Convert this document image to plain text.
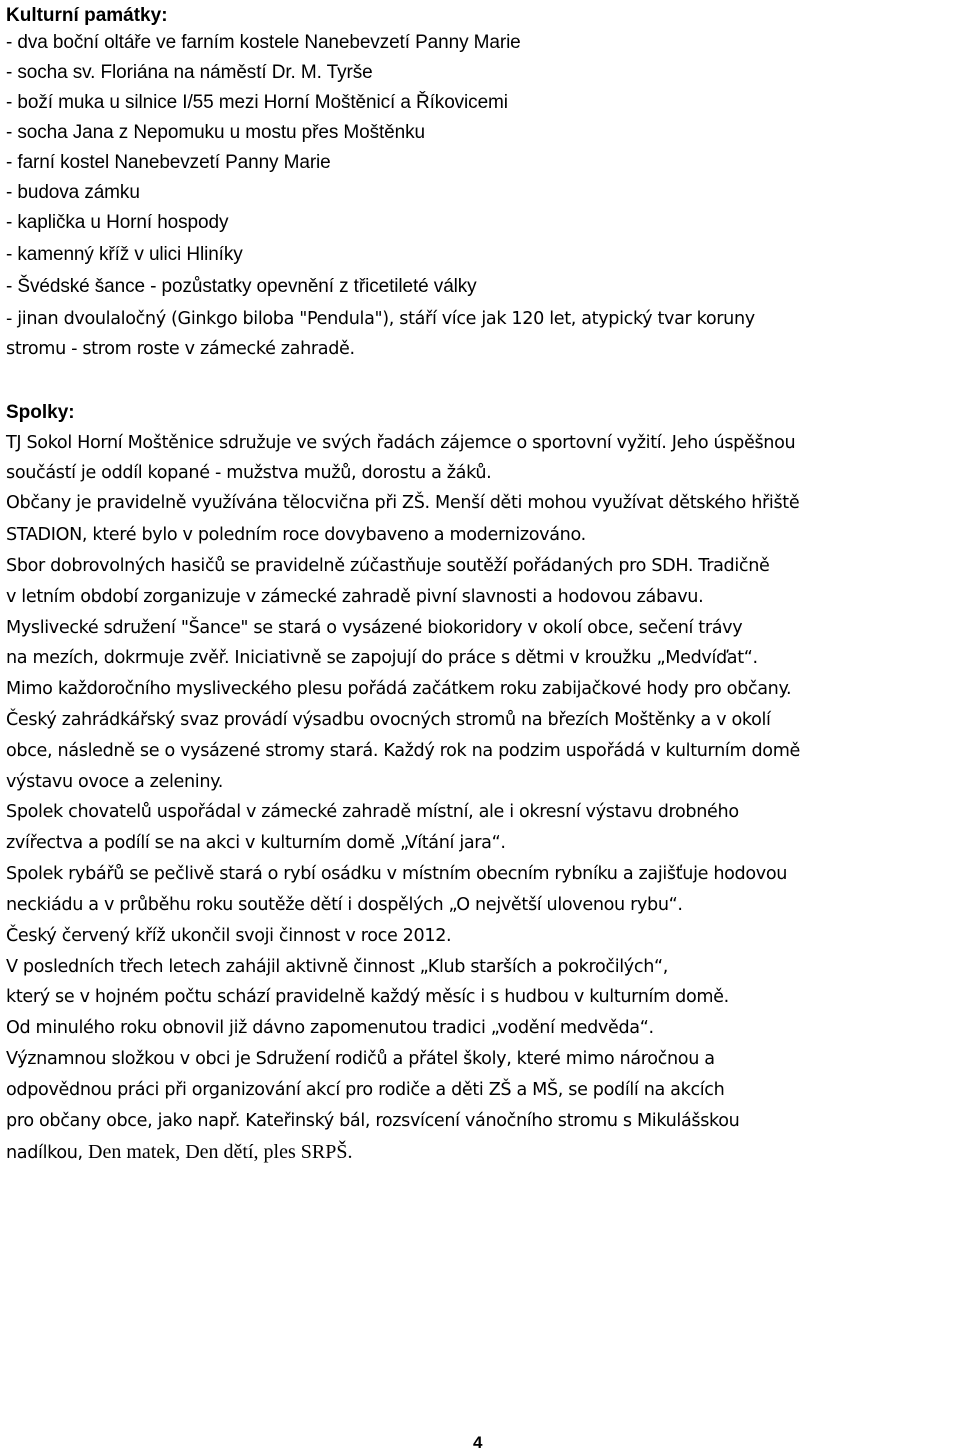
Kulturní památky:
- dva boční oltáře ve farním kostele Nanebevzetí Panny Marie
- socha sv. Floriána na náměstí Dr. M. Tyrše
- boží muka u silnice I/55 mezi Horní Moštěnicí a Říkovicemi
- socha Jana z Nepomuku u mostu přes Moštěnku
- farní kostel Nanebevzetí Panny Marie
- budova zámku
- kaplička u Horní hospody
- kamenný kříž v ulici Hliníky
- Švédské šance - pozůstatky opevnění z třicetileté války
- jinan dvoulaločný (Ginkgo biloba "Pendula"), stáří více jak 120 let, atypický tvar koruny
stromu - strom roste v zámecké zahradě.
Spolky:
TJ Sokol Horní Moštěnice sdružuje ve svých řadách zájemce o sportovní vyžití. Jeho úspěšnou
součástí je oddíl kopané - mužstva mužů, dorostu a žáků.
Občany je pravidelně využívána tělocvična při ZŠ. Menší děti mohou využívat dětského hřiště
STADION, které bylo v poledním roce dovybaveno a modernizováno.
Sbor dobrovolných hasičů se pravidelně zúčastňuje soutěží pořádaných pro SDH. Tradičně
v letním období zorganizuje v zámecké zahradě pivní slavnosti a hodovou zábavu.
Myslivecké sdružení "Šance" se stará o vysázené biokoridory v okolí obce, sečení trávy
na mezích, dokrmuje zvěř. Iniciativně se zapojují do práce s dětmi v kroužku „Medvíďat“.
Mimo každoročního mysliveckého plesu pořádá začátkem roku zabijačkové hody pro občany.
Český zahrádkářský svaz provádí výsadbu ovocných stromů na březích Moštěnky a v okolí
obce, následně se o vysázené stromy stará. Každý rok na podzim uspořádá v kulturním domě
výstavu ovoce a zeleniny.
Spolek chovatelů uspořádal v zámecké zahradě místní, ale i okresní výstavu drobného
zvířectva a podílí se na akci v kulturním domě „Vítání jara“.
Spolek rybářů se pečlivě stará o rybí osádku v místním obecním rybníku a zajišťuje hodovou
neckiádu a v průběhu roku soutěže dětí i dospělých „O největší ulovenou rybu“.
Český červený kříž ukončil svoji činnost v roce 2012.
V posledních třech letech zahájil aktivně činnost „Klub starších a pokročilých“,
který se v hojném počtu schází pravidelně každý měsíc i s hudbou v kulturním domě.
Od minulého roku obnovil již dávno zapomenutou tradici „vodění medvěda“.
Významnou složkou v obci je Sdružení rodičů a přátel školy, které mimo náročnou a
odpovědnou práci při organizování akcí pro rodiče a děti ZŠ a MŠ, se podílí na akcích
pro občany obce, jako např. Kateřinský bál, rozsvícení vánočního stromu s Mikulášskou
nadílkou, Den matek, Den dětí, ples SRPŠ.
4
